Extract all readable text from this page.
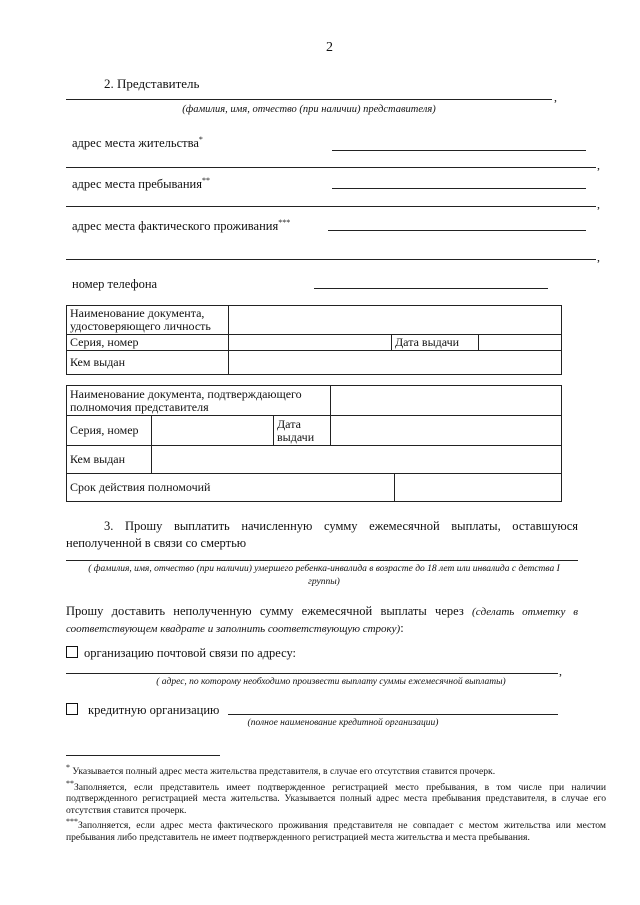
2
2. Представитель
,
(фамилия, имя, отчество (при наличии) представителя)
адрес места жительства*
,
адрес места пребывания**
,
адрес места фактического проживания***
,
номер телефона
Наименование документа, удостоверяющего личность			
Серия, номер		Дата выдачи	
Кем выдан			
Наименование документа, подтверждающего полномочия представителя				
Серия, номер		Дата выдачи		
Кем выдан				
Срок действия полномочий				
3. Прошу выплатить начисленную сумму ежемесячной выплаты, оставшуюся неполученной в связи со смертью
( фамилия, имя, отчество (при наличии) умершего ребенка-инвалида в возрасте до 18 лет или инвалида с детства I группы)
Прошу доставить неполученную сумму ежемесячной выплаты через (сделать отметку в соответствующем квадрате и заполнить соответствующую строку):
организацию почтовой связи по адресу:
,
( адрес, по которому необходимо произвести выплату суммы ежемесячной выплаты)
кредитную организацию
(полное наименование кредитной организации)
* Указывается полный адрес места жительства представителя, в случае его отсутствия ставится прочерк.
**Заполняется, если представитель имеет подтвержденное регистрацией место пребывания, в том числе при наличии подтвержденного регистрацией места жительства. Указывается полный адрес места пребывания представителя, в случае его отсутствия ставится прочерк.
***Заполняется, если адрес места фактического проживания представителя не совпадает с местом жительства или местом пребывания либо представитель не имеет подтвержденного регистрацией места жительства и места пребывания.
